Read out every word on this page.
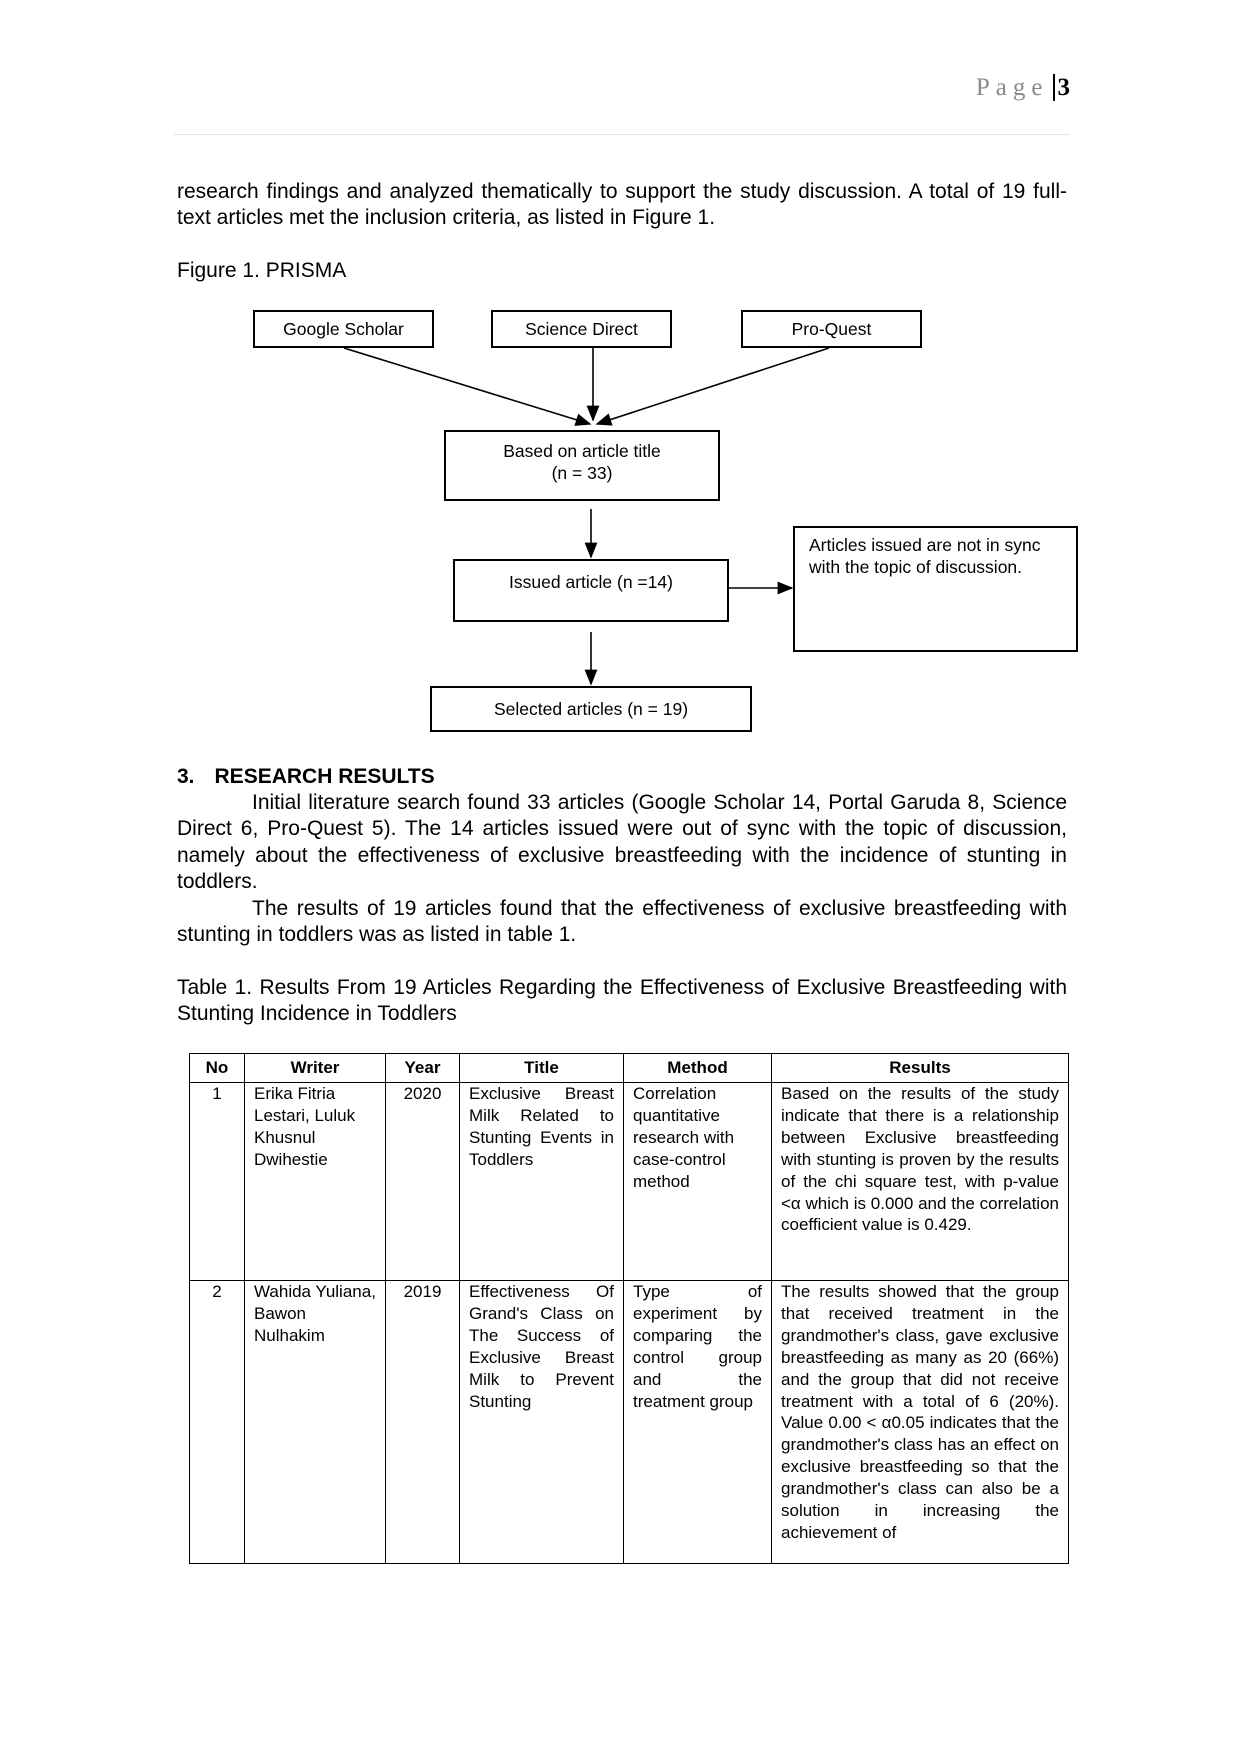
Page 3
research findings and analyzed thematically to support the study discussion. A total of 19 full-text articles met the inclusion criteria, as listed in Figure 1.
Figure 1. PRISMA
Google Scholar	Science Direct	Pro-Quest
Based on article title
(n = 33)
Issued article (n =14)
Articles issued are not in sync with the topic of discussion.
Selected articles (n = 19)
3. RESEARCH RESULTS
Initial literature search found 33 articles (Google Scholar 14, Portal Garuda 8, Science Direct 6, Pro-Quest 5). The 14 articles issued were out of sync with the topic of discussion, namely about the effectiveness of exclusive breastfeeding with the incidence of stunting in toddlers.
The results of 19 articles found that the effectiveness of exclusive breastfeeding with stunting in toddlers was as listed in table 1.
Table 1. Results From 19 Articles Regarding the Effectiveness of Exclusive Breastfeeding with Stunting Incidence in Toddlers
No	Writer	Year	Title	Method	Results
1	Erika Fitria Lestari, Luluk Khusnul Dwihestie	2020	Exclusive Breast Milk Related to Stunting Events in Toddlers	Correlation quantitative research with case-control method	Based on the results of the study indicate that there is a relationship between Exclusive breastfeeding with stunting is proven by the results of the chi square test, with p-value <α which is 0.000 and the correlation coefficient value is 0.429.
2	Wahida Yuliana, Bawon Nulhakim	2019	Effectiveness Of Grand's Class on The Success of Exclusive Breast Milk to Prevent Stunting	Type of experiment by comparing the control group and the treatment group	The results showed that the group that received treatment in the grandmother's class, gave exclusive breastfeeding as many as 20 (66%) and the group that did not receive treatment with a total of 6 (20%). Value 0.00 < α0.05 indicates that the grandmother's class has an effect on exclusive breastfeeding so that the grandmother's class can also be a solution in increasing the achievement of
